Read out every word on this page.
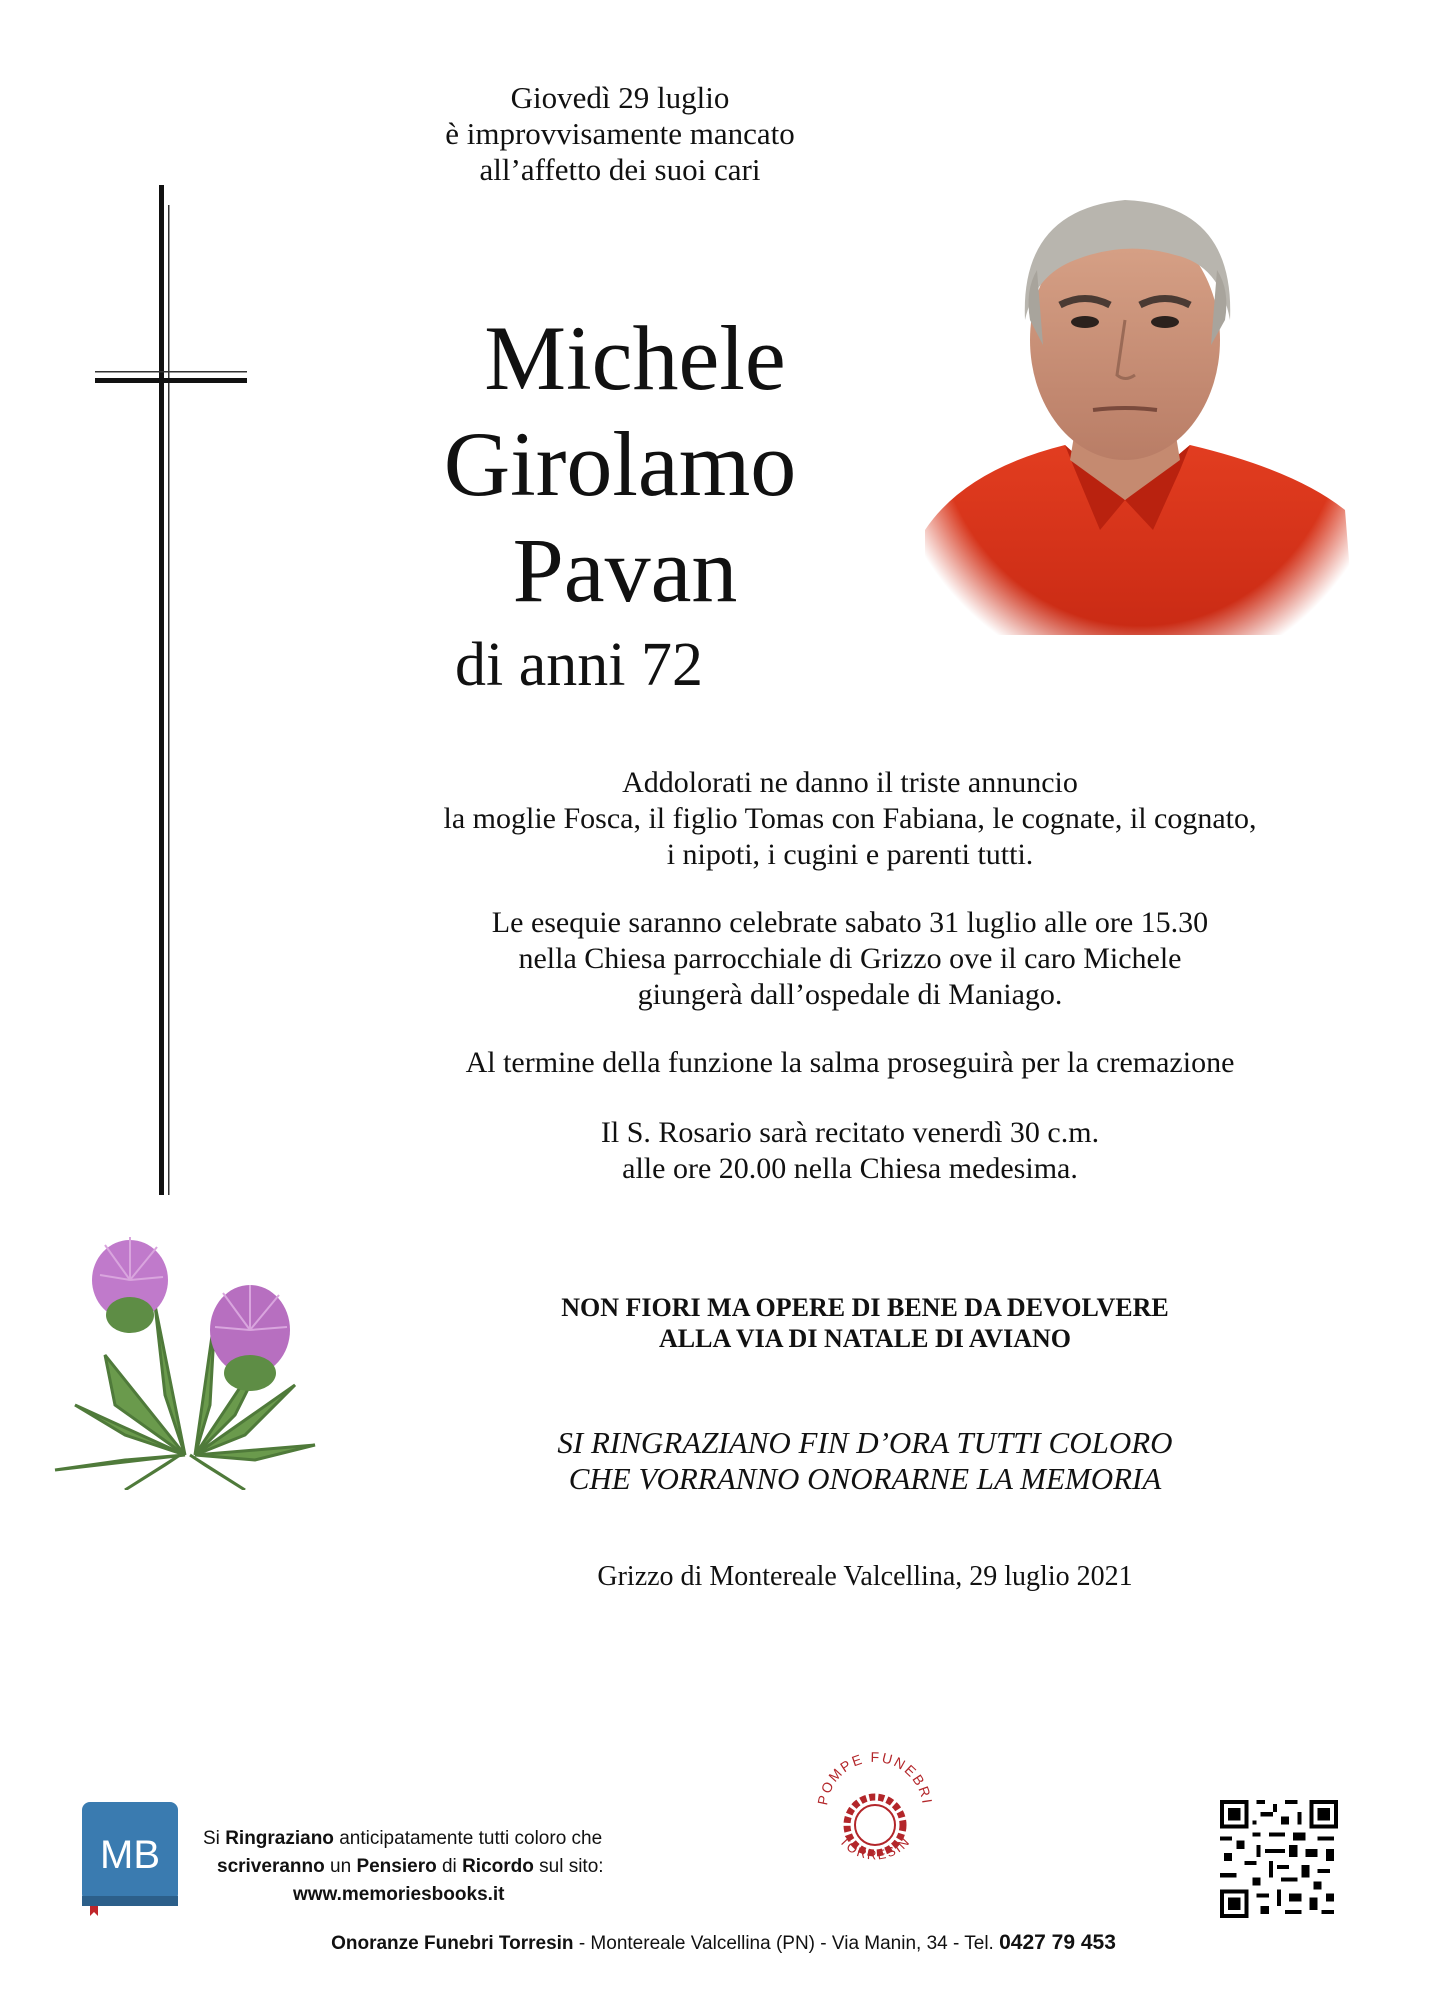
Giovedì 29 luglio
è improvvisamente mancato
all’affetto dei suoi cari
Michele
Girolamo
Pavan
di anni 72
Addolorati ne danno il triste annuncio
la moglie Fosca, il figlio Tomas con Fabiana, le cognate, il cognato,
i nipoti, i cugini e parenti tutti.
Le esequie saranno celebrate sabato 31 luglio alle ore 15.30
nella Chiesa parrocchiale di Grizzo ove il caro Michele
giungerà dall’ospedale di Maniago.
Al termine della funzione la salma proseguirà per la cremazione
Il S. Rosario sarà recitato venerdì 30 c.m.
alle ore 20.00 nella Chiesa medesima.
NON FIORI MA OPERE DI BENE DA DEVOLVERE
ALLA VIA DI NATALE DI AVIANO
SI RINGRAZIANO FIN D’ORA TUTTI COLORO
CHE VORRANNO ONORARNE LA MEMORIA
Grizzo di Montereale Valcellina, 29 luglio 2021
MB Si Ringraziano anticipatamente tutti coloro che
scriveranno un Pensiero di Ricordo sul sito:
www.memoriesbooks.it
POMPE FUNEBRI
TORRESIN
Onoranze Funebri Torresin - Montereale Valcellina (PN) - Via Manin, 34 - Tel. 0427 79 453
